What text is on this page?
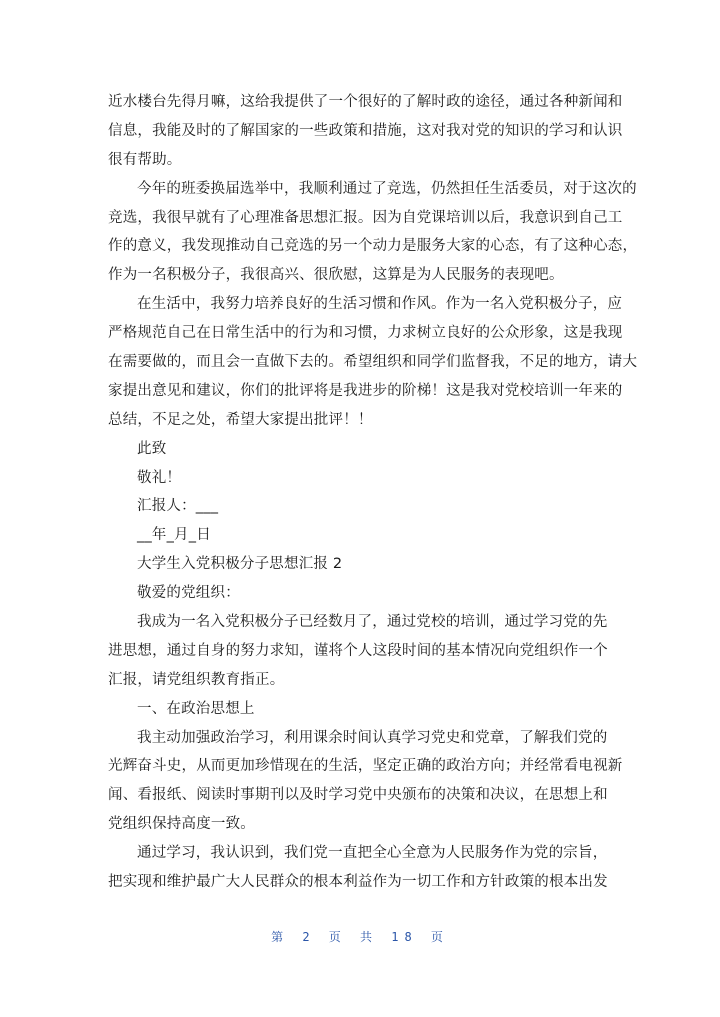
近水楼台先得月嘛，这给我提供了一个很好的了解时政的途径，通过各种新闻和
信息，我能及时的了解国家的一些政策和措施，这对我对党的知识的学习和认识
很有帮助。
今年的班委换届选举中，我顺利通过了竞选，仍然担任生活委员，对于这次的
竞选，我很早就有了心理准备思想汇报。因为自党课培训以后，我意识到自己工
作的意义，我发现推动自己竞选的另一个动力是服务大家的心态，有了这种心态，
作为一名积极分子，我很高兴、很欣慰，这算是为人民服务的表现吧。
在生活中，我努力培养良好的生活习惯和作风。作为一名入党积极分子，应
严格规范自己在日常生活中的行为和习惯，力求树立良好的公众形象，这是我现
在需要做的，而且会一直做下去的。希望组织和同学们监督我，不足的地方，请大
家提出意见和建议，你们的批评将是我进步的阶梯！这是我对党校培训一年来的
总结，不足之处，希望大家提出批评！！
此致
敬礼！
汇报人：___
__年_月_日
大学生入党积极分子思想汇报 2
敬爱的党组织：
我成为一名入党积极分子已经数月了，通过党校的培训，通过学习党的先
进思想，通过自身的努力求知，谨将个人这段时间的基本情况向党组织作一个
汇报，请党组织教育指正。
一、在政治思想上
我主动加强政治学习，利用课余时间认真学习党史和党章，了解我们党的
光辉奋斗史，从而更加珍惜现在的生活，坚定正确的政治方向；并经常看电视新
闻、看报纸、阅读时事期刊以及时学习党中央颁布的决策和决议，在思想上和
党组织保持高度一致。
通过学习，我认识到，我们党一直把全心全意为人民服务作为党的宗旨，
把实现和维护最广大人民群众的根本利益作为一切工作和方针政策的根本出发
第 2 页 共 18 页
